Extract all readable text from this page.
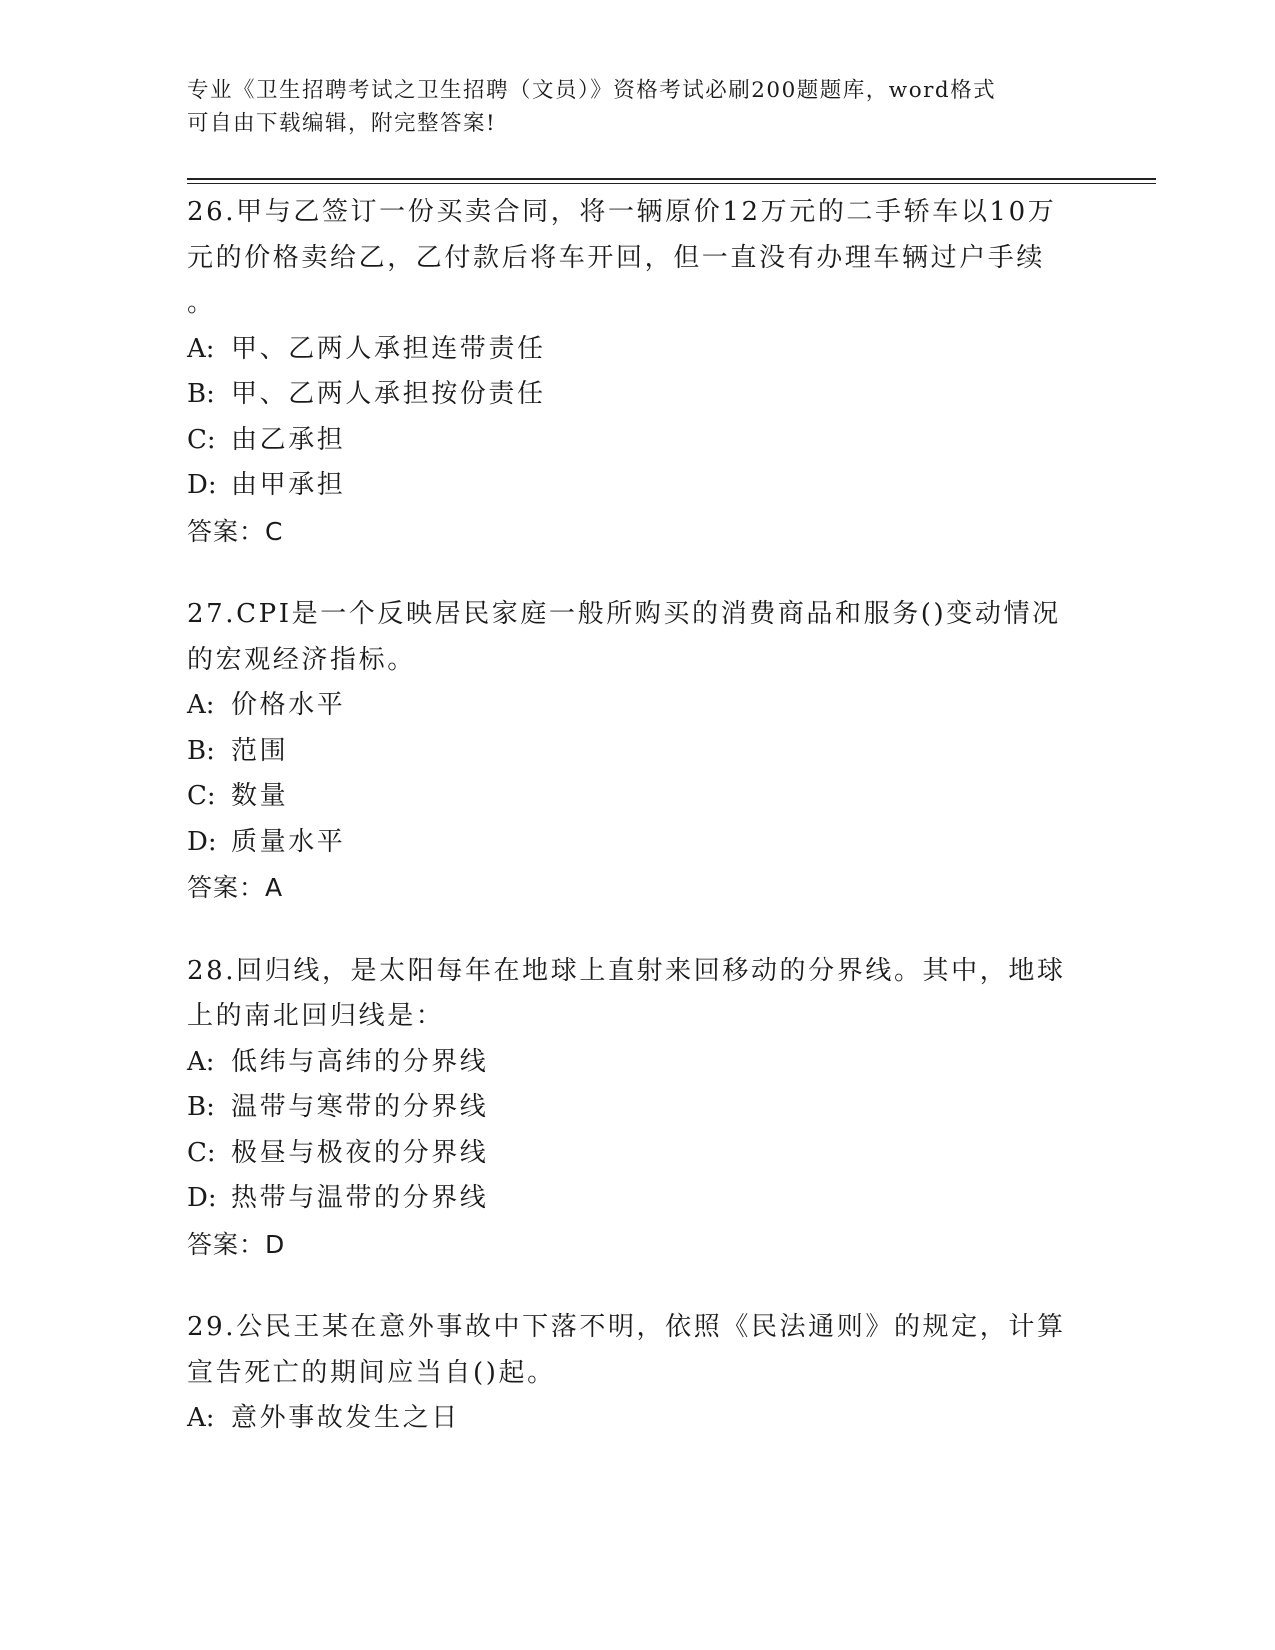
专业《卫生招聘考试之卫生招聘（文员）》资格考试必刷200题题库，word格式
可自由下载编辑，附完整答案!
26.甲与乙签订一份买卖合同，将一辆原价12万元的二手轿车以10万
元的价格卖给乙，乙付款后将车开回，但一直没有办理车辆过户手续
。
A: 甲、乙两人承担连带责任
B: 甲、乙两人承担按份责任
C: 由乙承担
D: 由甲承担
答案：C
27.CPI是一个反映居民家庭一般所购买的消费商品和服务()变动情况
的宏观经济指标。
A: 价格水平
B: 范围
C: 数量
D: 质量水平
答案：A
28.回归线，是太阳每年在地球上直射来回移动的分界线。其中，地球
上的南北回归线是：
A: 低纬与高纬的分界线
B: 温带与寒带的分界线
C: 极昼与极夜的分界线
D: 热带与温带的分界线
答案：D
29.公民王某在意外事故中下落不明，依照《民法通则》的规定，计算
宣告死亡的期间应当自()起。
A: 意外事故发生之日
